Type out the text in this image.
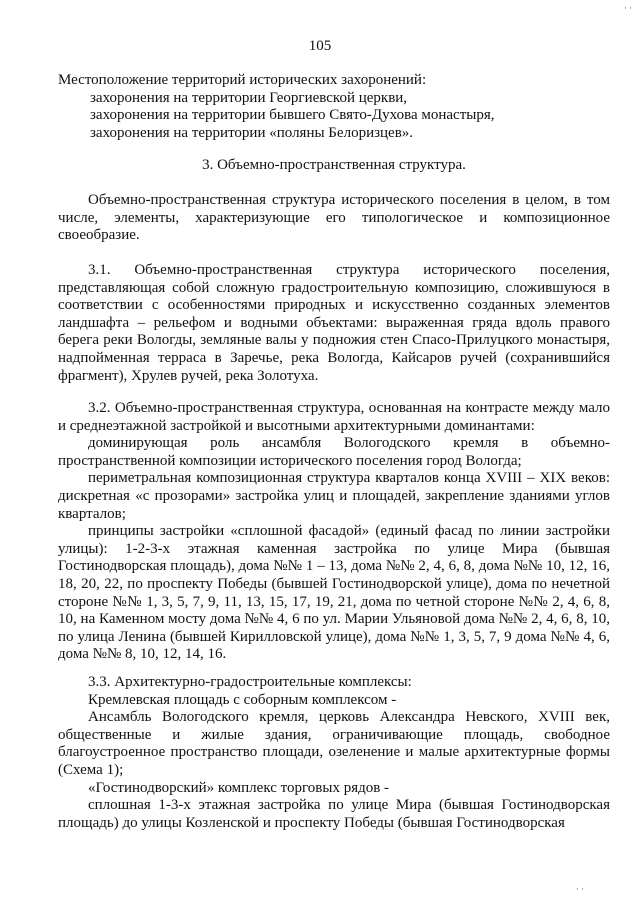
· ·
105

Местоположение территорий исторических захоронений:

захоронения на территории Георгиевской церкви,

захоронения на территории бывшего Свято-Духова монастыря,

захоронения на территории «поляны Белоризцев».

3. Объемно-пространственная структура.

Объемно-пространственная структура исторического поселения в целом, в том числе, элементы, характеризующие его типологическое и композиционное своеобразие.

3.1. Объемно-пространственная структура исторического поселения, представляющая собой сложную градостроительную композицию, сложившуюся в соответствии с особенностями природных и искусственно созданных элементов ландшафта – рельефом и водными объектами: выраженная гряда вдоль правого берега реки Вологды, земляные валы у подножия стен Спасо-Прилуцкого монастыря, надпойменная терраса в Заречье, река Вологда, Кайсаров ручей (сохранившийся фрагмент), Хрулев ручей, река Золотуха.

3.2. Объемно-пространственная структура, основанная на контрасте между мало и среднеэтажной застройкой и высотными архитектурными доминантами:

доминирующая роль ансамбля Вологодского кремля в объемно-пространственной композиции исторического поселения город Вологда;

периметральная композиционная структура кварталов конца XVIII – XIX веков: дискретная «с прозорами» застройка улиц и площадей, закрепление зданиями углов кварталов;

принципы застройки «сплошной фасадой» (единый фасад по линии застройки улицы): 1-2-3-х этажная каменная застройка по улице Мира (бывшая Гостинодворская площадь), дома №№ 1 – 13, дома №№ 2, 4, 6, 8, дома №№ 10, 12, 16, 18, 20, 22, по проспекту Победы (бывшей Гостинодворской улице), дома по нечетной стороне №№ 1, 3, 5, 7, 9, 11, 13, 15, 17, 19, 21, дома по четной стороне №№ 2, 4, 6, 8, 10, на Каменном мосту дома №№ 4, 6 по ул. Марии Ульяновой дома №№ 2, 4, 6, 8, 10, по улица Ленина (бывшей Кирилловской улице), дома №№ 1, 3, 5, 7, 9 дома №№ 4, 6, дома №№ 8, 10, 12, 14, 16.

3.3. Архитектурно-градостроительные комплексы:

Кремлевская площадь с соборным комплексом -

Ансамбль Вологодского кремля, церковь Александра Невского, XVIII век, общественные и жилые здания, ограничивающие площадь, свободное благоустроенное пространство площади, озеленение и малые архитектурные формы (Схема 1);

«Гостинодворский» комплекс торговых рядов -

сплошная 1-3-х этажная застройка по улице Мира (бывшая Гостинодворская площадь) до улицы Козленской и проспекту Победы (бывшая Гостинодворская

· ·
